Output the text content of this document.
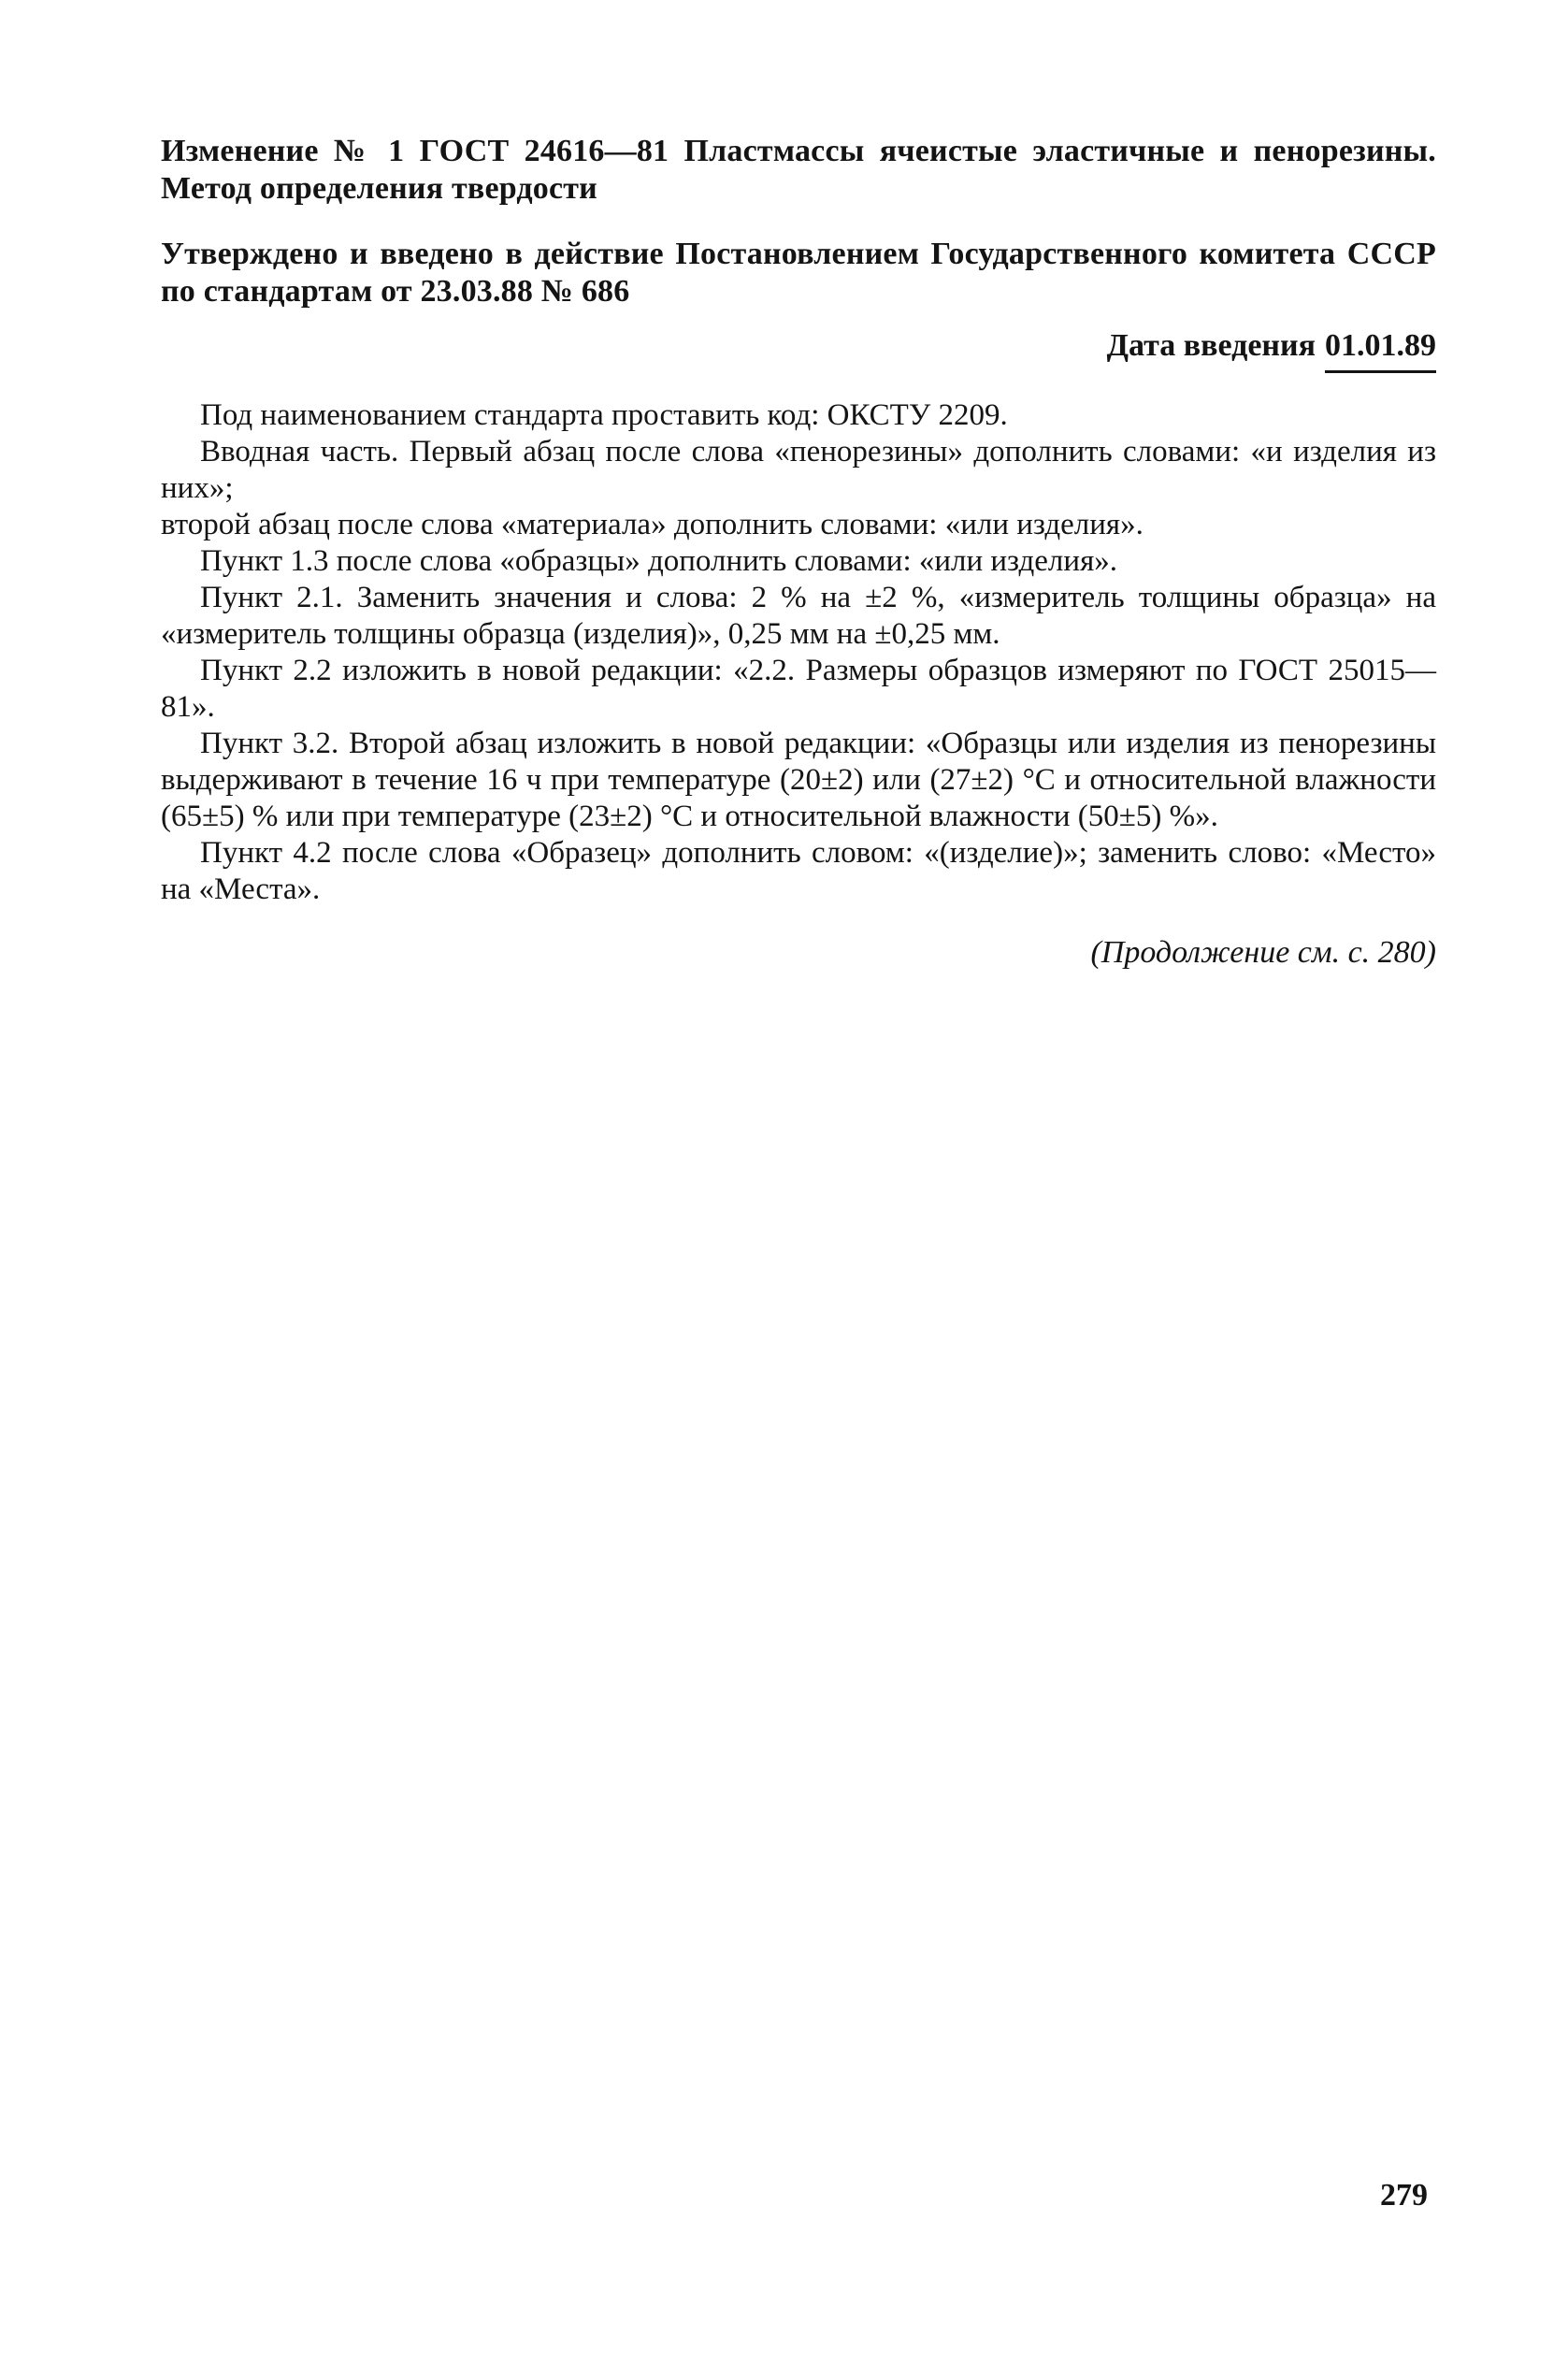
Изменение № 1 ГОСТ 24616—81 Пластмассы ячеистые эластичные и пенорезины. Метод определения твердости

Утверждено и введено в действие Постановлением Государственного комитета СССР по стандартам от 23.03.88 № 686

Дата введения 01.01.89

Под наименованием стандарта проставить код: ОКСТУ 2209.

Вводная часть. Первый абзац после слова «пенорезины» дополнить словами: «и изделия из них»;

второй абзац после слова «материала» дополнить словами: «или изделия».

Пункт 1.3 после слова «образцы» дополнить словами: «или изделия».

Пункт 2.1. Заменить значения и слова: 2 % на ±2 %, «измеритель толщины образца» на «измеритель толщины образца (изделия)», 0,25 мм на ±0,25 мм.

Пункт 2.2 изложить в новой редакции: «2.2. Размеры образцов измеряют по ГОСТ 25015—81».

Пункт 3.2. Второй абзац изложить в новой редакции: «Образцы или изделия из пенорезины выдерживают в течение 16 ч при температуре (20±2) или (27±2) °С и относительной влажности (65±5) % или при температуре (23±2) °С и относительной влажности (50±5) %».

Пункт 4.2 после слова «Образец» дополнить словом: «(изделие)»; заменить слово: «Место» на «Места».

(Продолжение см. с. 280)
279
